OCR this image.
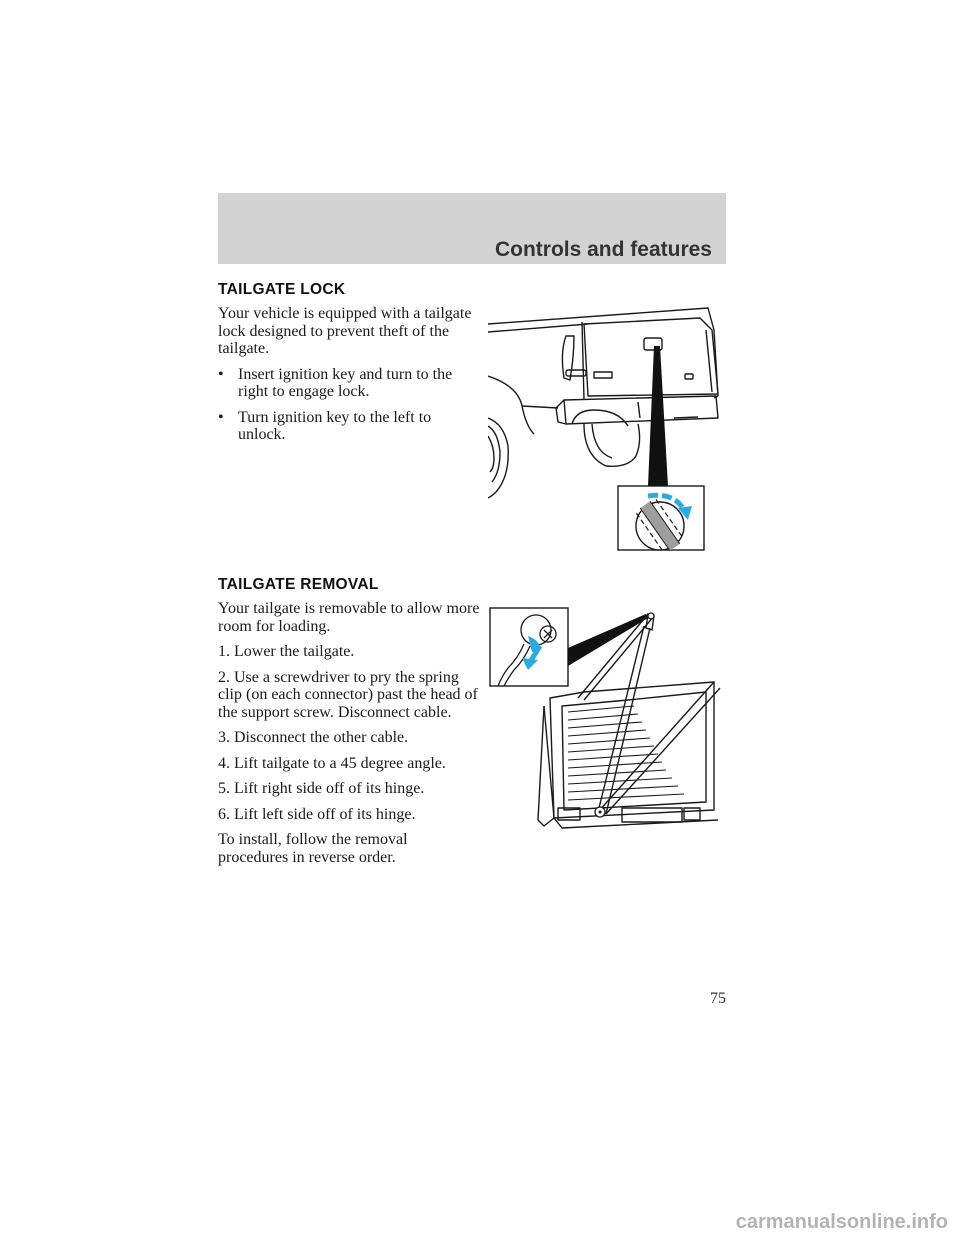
Controls and features
TAILGATE LOCK

Your vehicle is equipped with a tailgate lock designed to prevent theft of the tailgate.

• Insert ignition key and turn to the right to engage lock.

• Turn ignition key to the left to unlock.

TAILGATE REMOVAL

Your tailgate is removable to allow more room for loading.

1. Lower the tailgate.

2. Use a screwdriver to pry the spring clip (on each connector) past the head of the support screw. Disconnect cable.

3. Disconnect the other cable.

4. Lift tailgate to a 45 degree angle.

5. Lift right side off of its hinge.

6. Lift left side off of its hinge.

To install, follow the removal procedures in reverse order.

75
carmanualsonline.info
